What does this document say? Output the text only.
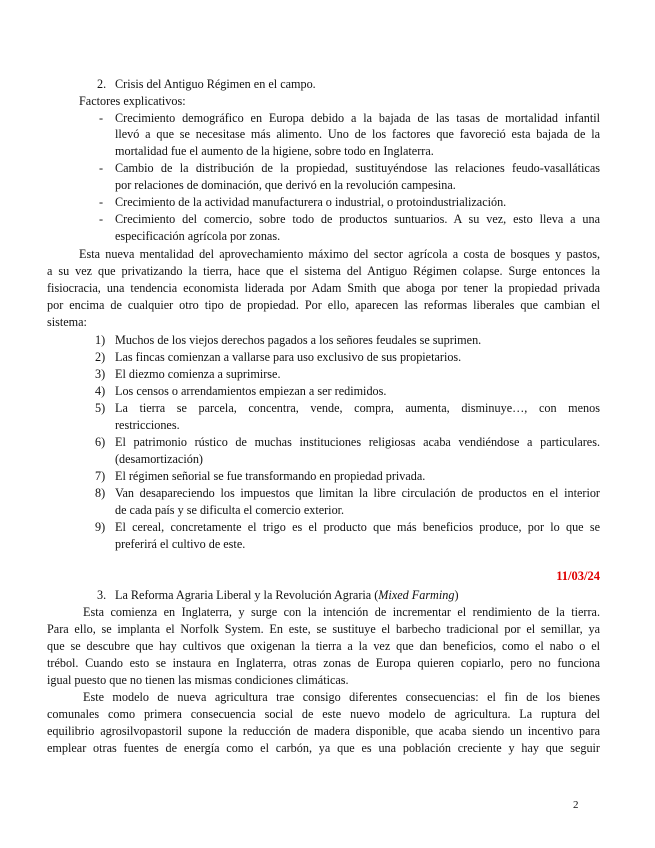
2. Crisis del Antiguo Régimen en el campo.
Factores explicativos:
- Crecimiento demográfico en Europa debido a la bajada de las tasas de mortalidad infantil
llevó a que se necesitase más alimento. Uno de los factores que favoreció esta bajada de la
mortalidad fue el aumento de la higiene, sobre todo en Inglaterra.
- Cambio de la distribución de la propiedad, sustituyéndose las relaciones feudo-vasalláticas
por relaciones de dominación, que derivó en la revolución campesina.
- Crecimiento de la actividad manufacturera o industrial, o protoindustrialización.
- Crecimiento del comercio, sobre todo de productos suntuarios. A su vez, esto lleva a una
especificación agrícola por zonas.
Esta nueva mentalidad del aprovechamiento máximo del sector agrícola a costa de bosques y pastos,
a su vez que privatizando la tierra, hace que el sistema del Antiguo Régimen colapse. Surge entonces la
fisiocracia, una tendencia economista liderada por Adam Smith que aboga por tener la propiedad privada
por encima de cualquier otro tipo de propiedad. Por ello, aparecen las reformas liberales que cambian el
sistema:
1) Muchos de los viejos derechos pagados a los señores feudales se suprimen.
2) Las fincas comienzan a vallarse para uso exclusivo de sus propietarios.
3) El diezmo comienza a suprimirse.
4) Los censos o arrendamientos empiezan a ser redimidos.
5) La tierra se parcela, concentra, vende, compra, aumenta, disminuye…, con menos
restricciones.
6) El patrimonio rústico de muchas instituciones religiosas acaba vendiéndose a particulares.
(desamortización)
7) El régimen señorial se fue transformando en propiedad privada.
8) Van desapareciendo los impuestos que limitan la libre circulación de productos en el interior
de cada país y se dificulta el comercio exterior.
9) El cereal, concretamente el trigo es el producto que más beneficios produce, por lo que se
preferirá el cultivo de este.
11/03/24
3. La Reforma Agraria Liberal y la Revolución Agraria (Mixed Farming)
Esta comienza en Inglaterra, y surge con la intención de incrementar el rendimiento de la tierra.
Para ello, se implanta el Norfolk System. En este, se sustituye el barbecho tradicional por el semillar, ya
que se descubre que hay cultivos que oxigenan la tierra a la vez que dan beneficios, como el nabo o el
trébol. Cuando esto se instaura en Inglaterra, otras zonas de Europa quieren copiarlo, pero no funciona
igual puesto que no tienen las mismas condiciones climáticas.
Este modelo de nueva agricultura trae consigo diferentes consecuencias: el fin de los bienes
comunales como primera consecuencia social de este nuevo modelo de agricultura. La ruptura del
equilibrio agrosilvopastoril supone la reducción de madera disponible, que acaba siendo un incentivo para
emplear otras fuentes de energía como el carbón, ya que es una población creciente y hay que seguir
2
